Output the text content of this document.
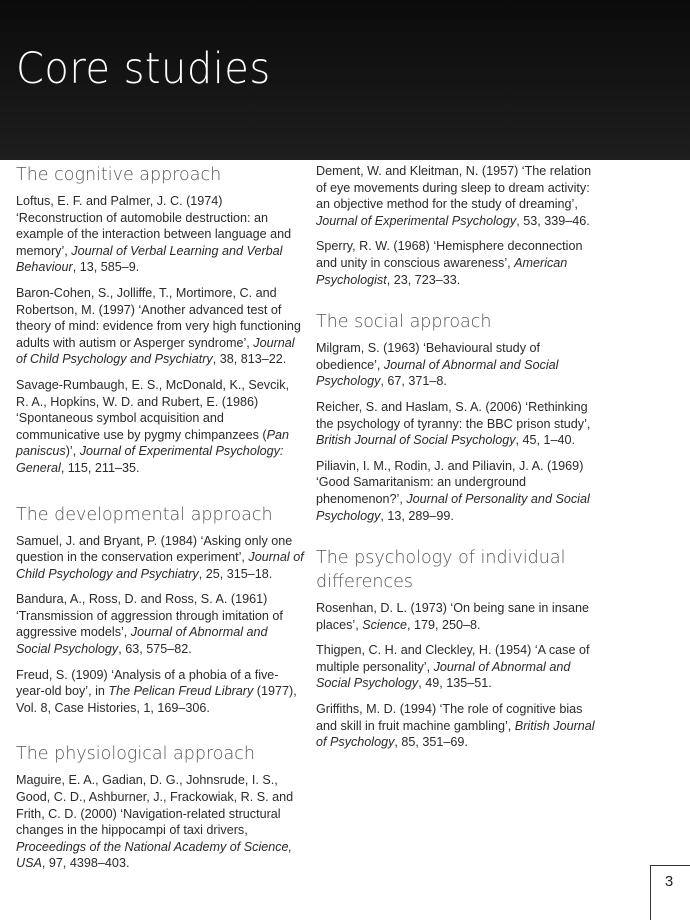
Core studies
The cognitive approach

Loftus, E. F. and Palmer, J. C. (1974) ‘Reconstruction of automobile destruction: an example of the interaction between language and memory’, Journal of Verbal Learning and Verbal Behaviour, 13, 585–9.

Baron-Cohen, S., Jolliffe, T., Mortimore, C. and Robertson, M. (1997) ‘Another advanced test of theory of mind: evidence from very high functioning adults with autism or Asperger syndrome’, Journal of Child Psychology and Psychiatry, 38, 813–22.

Savage-Rumbaugh, E. S., McDonald, K., Sevcik, R. A., Hopkins, W. D. and Rubert, E. (1986) ‘Spontaneous symbol acquisition and communicative use by pygmy chimpanzees (Pan paniscus)’, Journal of Experimental Psychology: General, 115, 211–35.

The developmental approach

Samuel, J. and Bryant, P. (1984) ‘Asking only one question in the conservation experiment’, Journal of Child Psychology and Psychiatry, 25, 315–18.

Bandura, A., Ross, D. and Ross, S. A. (1961) ‘Transmission of aggression through imitation of aggressive models’, Journal of Abnormal and Social Psychology, 63, 575–82.

Freud, S. (1909) ‘Analysis of a phobia of a five-year-old boy’, in The Pelican Freud Library (1977), Vol. 8, Case Histories, 1, 169–306.

The physiological approach

Maguire, E. A., Gadian, D. G., Johnsrude, I. S., Good, C. D., Ashburner, J., Frackowiak, R. S. and Frith, C. D. (2000) ‘Navigation-related structural changes in the hippocampi of taxi drivers, Proceedings of the National Academy of Science, USA, 97, 4398–403.

Dement, W. and Kleitman, N. (1957) ‘The relation of eye movements during sleep to dream activity: an objective method for the study of dreaming’, Journal of Experimental Psychology, 53, 339–46.

Sperry, R. W. (1968) ‘Hemisphere deconnection and unity in conscious awareness’, American Psychologist, 23, 723–33.

The social approach

Milgram, S. (1963) ‘Behavioural study of obedience’, Journal of Abnormal and Social Psychology, 67, 371–8.

Reicher, S. and Haslam, S. A. (2006) ‘Rethinking the psychology of tyranny: the BBC prison study’, British Journal of Social Psychology, 45, 1–40.

Piliavin, I. M., Rodin, J. and Piliavin, J. A. (1969) ‘Good Samaritanism: an underground phenomenon?’, Journal of Personality and Social Psychology, 13, 289–99.

The psychology of individual differences

Rosenhan, D. L. (1973) ‘On being sane in insane places’, Science, 179, 250–8.

Thigpen, C. H. and Cleckley, H. (1954) ‘A case of multiple personality’, Journal of Abnormal and Social Psychology, 49, 135–51.

Griffiths, M. D. (1994) ‘The role of cognitive bias and skill in fruit machine gambling’, British Journal of Psychology, 85, 351–69.

3
